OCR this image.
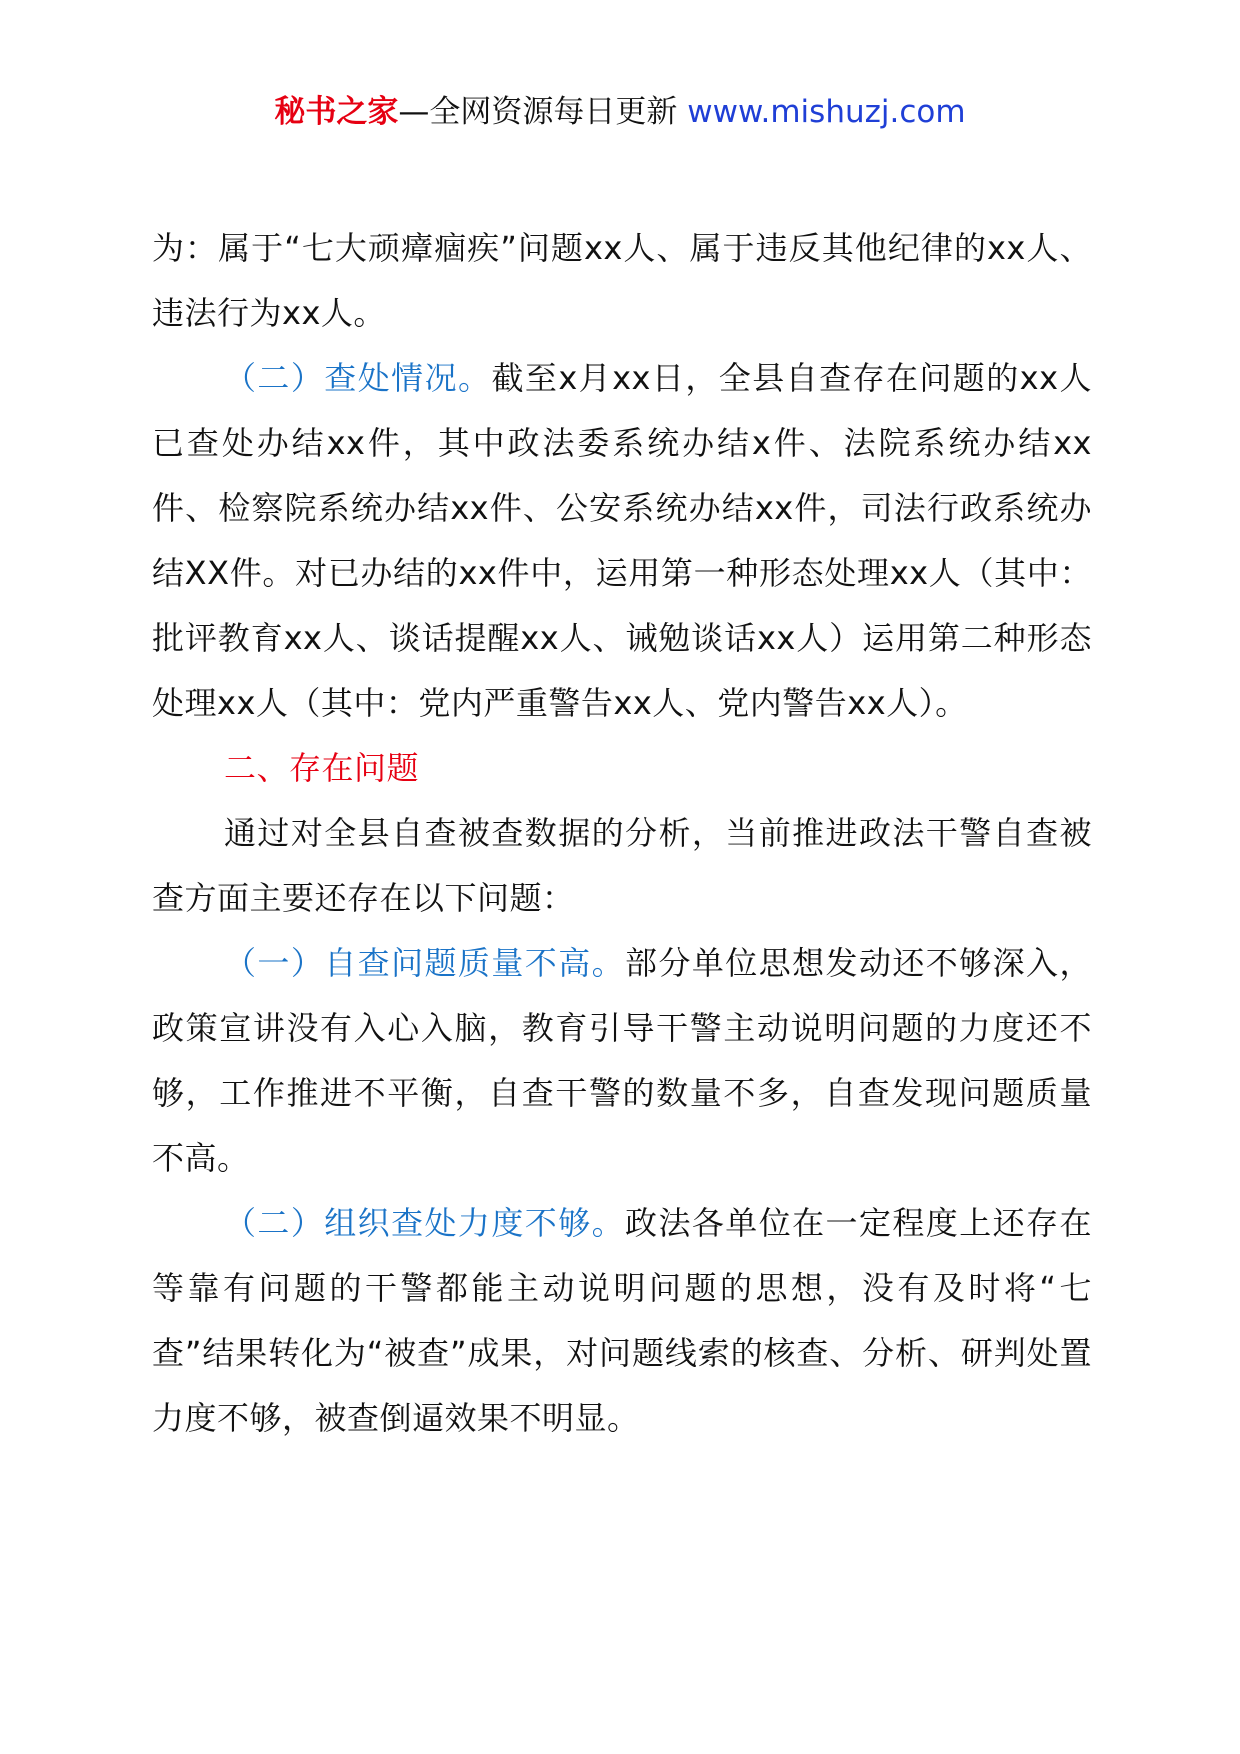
秘书之家—全网资源每日更新 www.mishuzj.com

为：属于“七大顽瘴痼疾”问题xx人、属于违反其他纪律的xx人、违法行为xx人。

（二）查处情况。截至x月xx日，全县自查存在问题的xx人已查处办结xx件，其中政法委系统办结x件、法院系统办结xx件、检察院系统办结xx件、公安系统办结xx件，司法行政系统办结XX件。对已办结的xx件中，运用第一种形态处理xx人（其中：批评教育xx人、谈话提醒xx人、诫勉谈话xx人）运用第二种形态处理xx人（其中：党内严重警告xx人、党内警告xx人）。

二、存在问题

通过对全县自查被查数据的分析，当前推进政法干警自查被查方面主要还存在以下问题：

（一）自查问题质量不高。部分单位思想发动还不够深入，政策宣讲没有入心入脑，教育引导干警主动说明问题的力度还不够，工作推进不平衡，自查干警的数量不多，自查发现问题质量不高。

（二）组织查处力度不够。政法各单位在一定程度上还存在等靠有问题的干警都能主动说明问题的思想，没有及时将“七查”结果转化为“被查”成果，对问题线索的核查、分析、研判处置力度不够，被查倒逼效果不明显。
